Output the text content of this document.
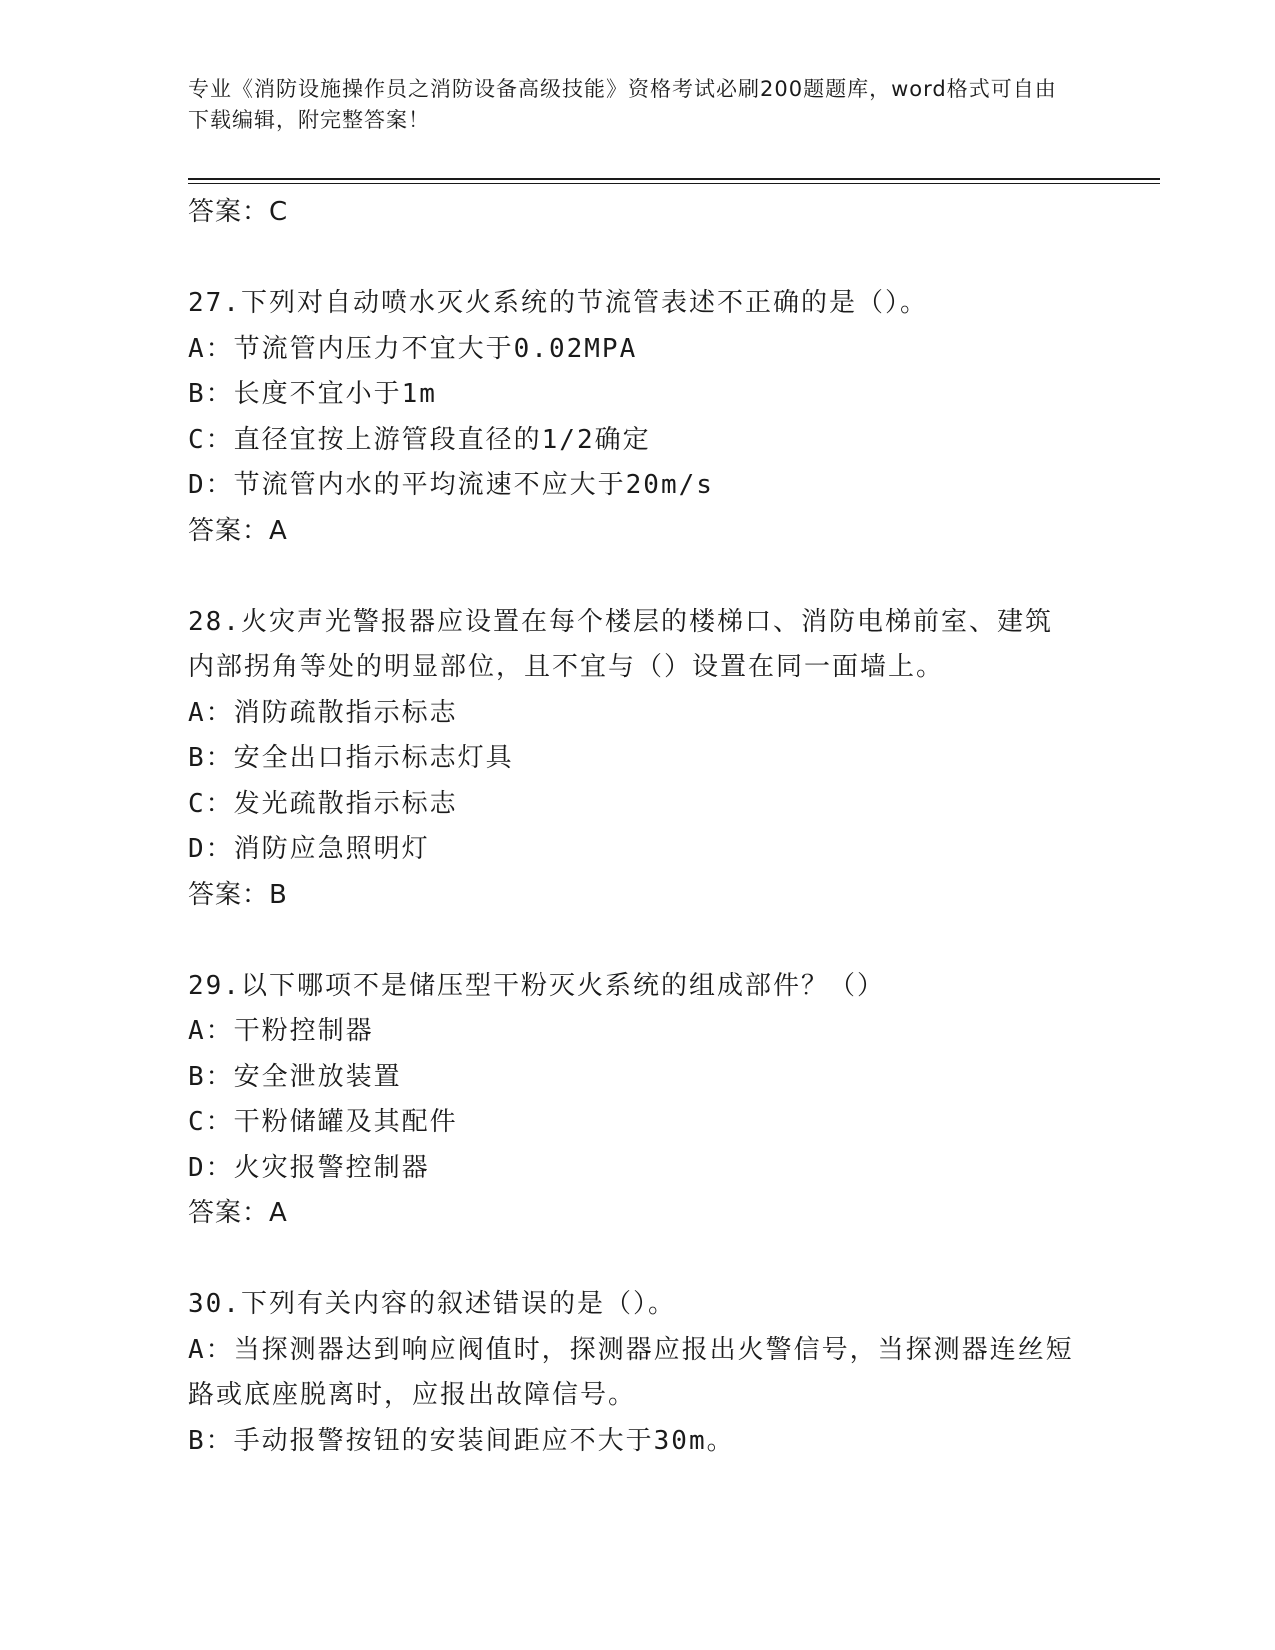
专业《消防设施操作员之消防设备高级技能》资格考试必刷200题题库，word格式可自由下载编辑，附完整答案！
答案：C
27.下列对自动喷水灭火系统的节流管表述不正确的是（）。
A：节流管内压力不宜大于0.02MPA
B：长度不宜小于1m
C：直径宜按上游管段直径的1/2确定
D：节流管内水的平均流速不应大于20m/s
答案：A
28.火灾声光警报器应设置在每个楼层的楼梯口、消防电梯前室、建筑内部拐角等处的明显部位，且不宜与（）设置在同一面墙上。
A：消防疏散指示标志
B：安全出口指示标志灯具
C：发光疏散指示标志
D：消防应急照明灯
答案：B
29.以下哪项不是储压型干粉灭火系统的组成部件？（）
A：干粉控制器
B：安全泄放装置
C：干粉储罐及其配件
D：火灾报警控制器
答案：A
30.下列有关内容的叙述错误的是（）。
A：当探测器达到响应阀值时，探测器应报出火警信号，当探测器连丝短路或底座脱离时，应报出故障信号。
B：手动报警按钮的安装间距应不大于30m。
